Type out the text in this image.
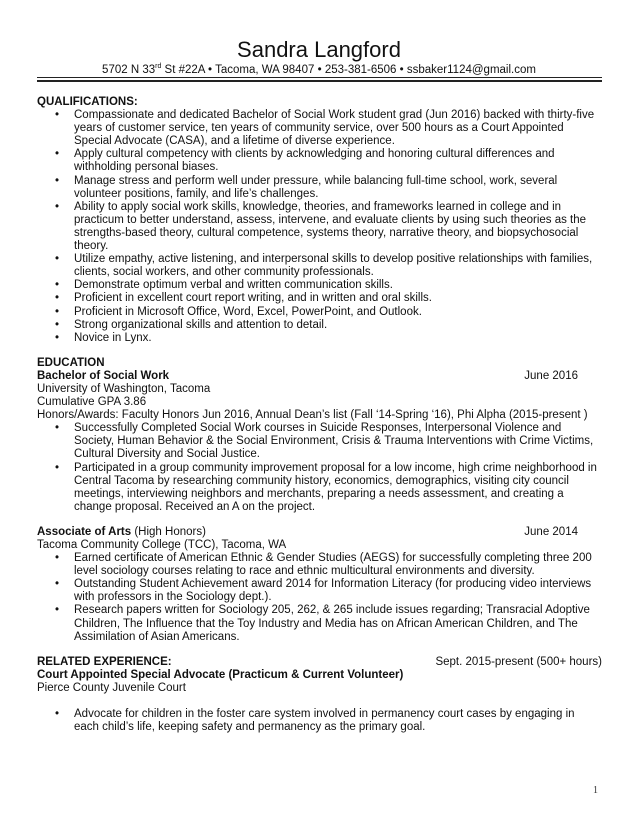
Sandra Langford
5702 N 33rd St #22A • Tacoma, WA 98407 • 253-381-6506 • ssbaker1124@gmail.com
QUALIFICATIONS:
• Compassionate and dedicated Bachelor of Social Work student grad (Jun 2016) backed with thirty-five years of customer service, ten years of community service, over 500 hours as a Court Appointed Special Advocate (CASA), and a lifetime of diverse experience.
• Apply cultural competency with clients by acknowledging and honoring cultural differences and withholding personal biases.
• Manage stress and perform well under pressure, while balancing full-time school, work, several volunteer positions, family, and life’s challenges.
• Ability to apply social work skills, knowledge, theories, and frameworks learned in college and in practicum to better understand, assess, intervene, and evaluate clients by using such theories as the strengths-based theory, cultural competence, systems theory, narrative theory, and biopsychosocial theory.
• Utilize empathy, active listening, and interpersonal skills to develop positive relationships with families, clients, social workers, and other community professionals.
• Demonstrate optimum verbal and written communication skills.
• Proficient in excellent court report writing, and in written and oral skills.
• Proficient in Microsoft Office, Word, Excel, PowerPoint, and Outlook.
• Strong organizational skills and attention to detail.
• Novice in Lynx.
EDUCATION
Bachelor of Social Work	June 2016
University of Washington, Tacoma
Cumulative GPA 3.86
Honors/Awards: Faculty Honors Jun 2016, Annual Dean’s list (Fall ‘14-Spring ‘16), Phi Alpha (2015-present )
• Successfully Completed Social Work courses in Suicide Responses, Interpersonal Violence and Society, Human Behavior & the Social Environment, Crisis & Trauma Interventions with Crime Victims, Cultural Diversity and Social Justice.
• Participated in a group community improvement proposal for a low income, high crime neighborhood in Central Tacoma by researching community history, economics, demographics, visiting city council meetings, interviewing neighbors and merchants, preparing a needs assessment, and creating a change proposal. Received an A on the project.
Associate of Arts (High Honors)	June 2014
Tacoma Community College (TCC), Tacoma, WA
• Earned certificate of American Ethnic & Gender Studies (AEGS) for successfully completing three 200 level sociology courses relating to race and ethnic multicultural environments and diversity.
• Outstanding Student Achievement award 2014 for Information Literacy (for producing video interviews with professors in the Sociology dept.).
• Research papers written for Sociology 205, 262, & 265 include issues regarding; Transracial Adoptive Children, The Influence that the Toy Industry and Media has on African American Children, and The Assimilation of Asian Americans.
RELATED EXPERIENCE:	Sept. 2015-present (500+ hours)
Court Appointed Special Advocate (Practicum & Current Volunteer)
Pierce County Juvenile Court
• Advocate for children in the foster care system involved in permanency court cases by engaging in each child’s life, keeping safety and permanency as the primary goal.
1
